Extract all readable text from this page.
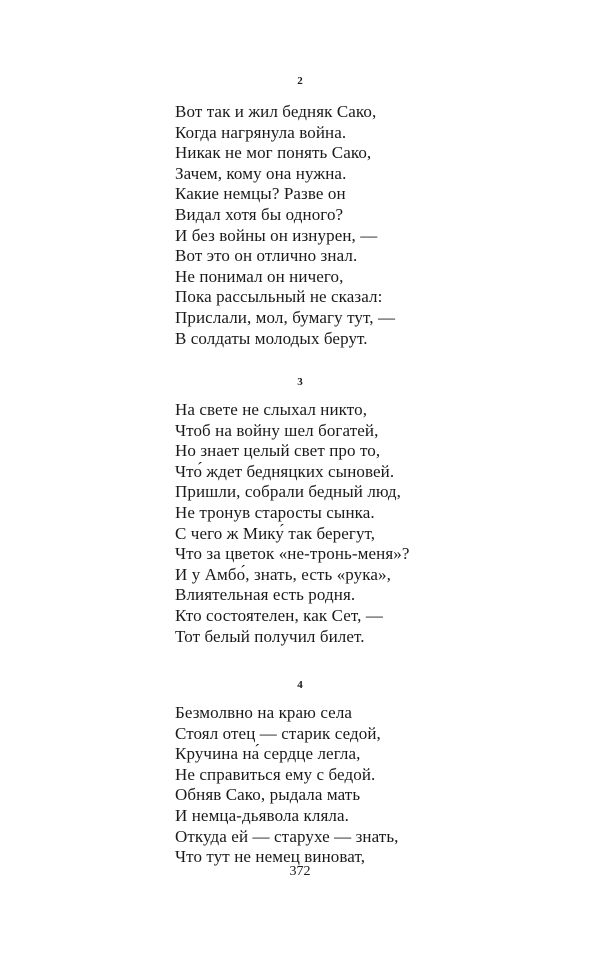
2
Вот так и жил бедняк Сако,
Когда нагрянула война.
Никак не мог понять Сако,
Зачем, кому она нужна.
Какие немцы? Разве он
Видал хотя бы одного?
И без войны он изнурен, —
Вот это он отлично знал.
Не понимал он ничего,
Пока рассыльный не сказал:
Прислали, мол, бумагу тут, —
В солдаты молодых берут.
3
На свете не слыхал никто,
Чтоб на войну шел богатей,
Но знает целый свет про то,
Что́ ждет бедняцких сыновей.
Пришли, собрали бедный люд,
Не тронув старосты сынка.
С чего ж Мику́ так берегут,
Что за цветок «не-тронь-меня»?
И у Амбо́, знать, есть «рука»,
Влиятельная есть родня.
Кто состоятелен, как Сет, —
Тот белый получил билет.
4
Безмолвно на краю села
Стоял отец — старик седой,
Кручина на́ сердце легла,
Не справиться ему с бедой.
Обняв Сако, рыдала мать
И немца-дьявола кляла.
Откуда ей — старухе — знать,
Что тут не немец виноват,
372
